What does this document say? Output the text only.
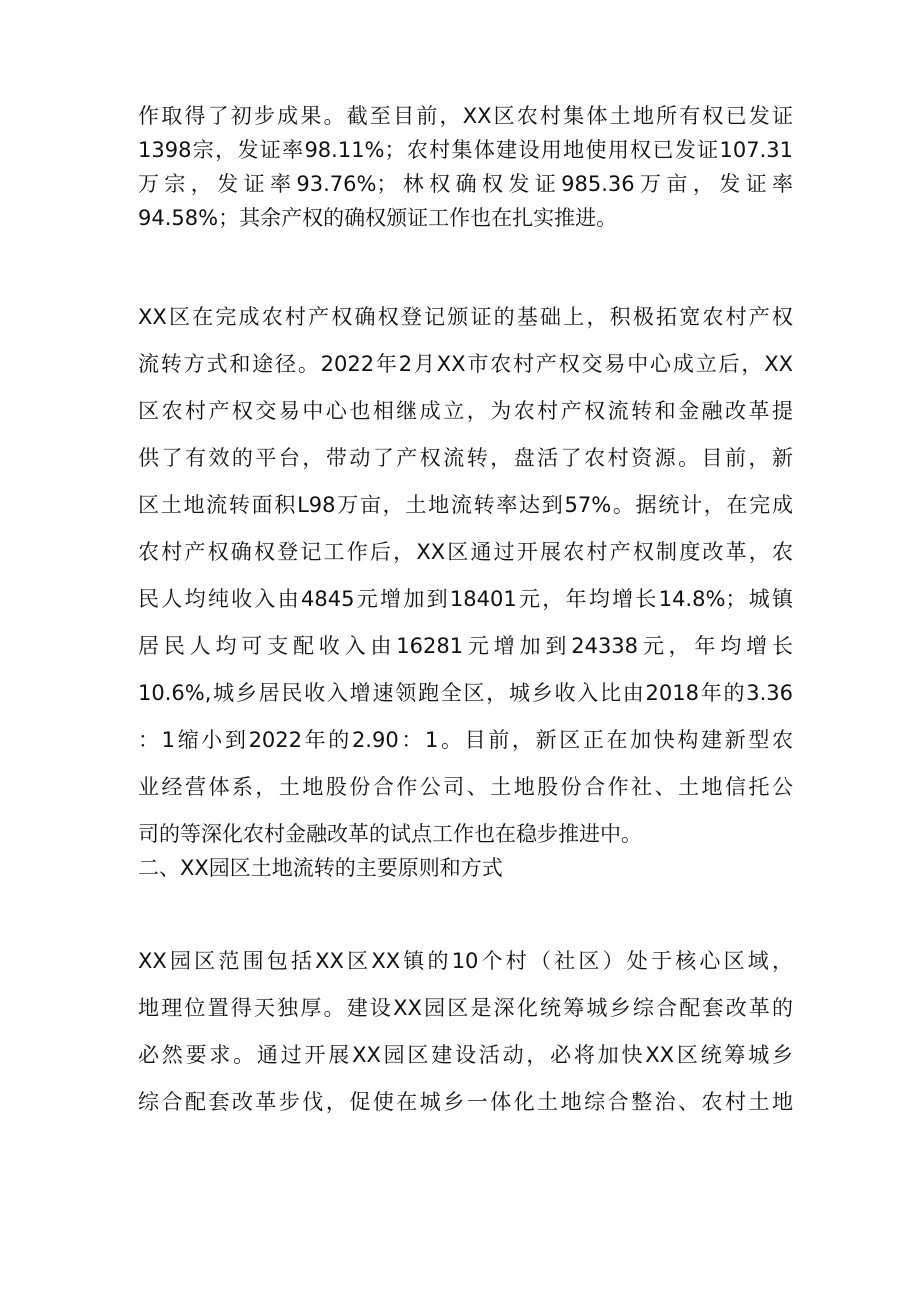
作取得了初步成果。截至目前，XX区农村集体土地所有权已发证
1398宗，发证率98.11%；农村集体建设用地使用权已发证107.31
万宗，发证率93.76%；林权确权发证985.36万亩，发证率
94.58%；其余产权的确权颁证工作也在扎实推进。
XX区在完成农村产权确权登记颁证的基础上，积极拓宽农村产权
流转方式和途径。2022年2月XX市农村产权交易中心成立后，XX
区农村产权交易中心也相继成立，为农村产权流转和金融改革提
供了有效的平台，带动了产权流转，盘活了农村资源。目前，新
区土地流转面积L98万亩，土地流转率达到57%。据统计，在完成
农村产权确权登记工作后，XX区通过开展农村产权制度改革，农
民人均纯收入由4845元增加到18401元，年均增长14.8%；城镇
居民人均可支配收入由16281元增加到24338元，年均增长
10.6%,城乡居民收入增速领跑全区，城乡收入比由2018年的3.36
：1缩小到2022年的2.90：1。目前，新区正在加快构建新型农
业经营体系，土地股份合作公司、土地股份合作社、土地信托公
司的等深化农村金融改革的试点工作也在稳步推进中。
二、XX园区土地流转的主要原则和方式
XX园区范围包括XX区XX镇的10个村（社区）处于核心区域，
地理位置得天独厚。建设XX园区是深化统筹城乡综合配套改革的
必然要求。通过开展XX园区建设活动，必将加快XX区统筹城乡
综合配套改革步伐，促使在城乡一体化土地综合整治、农村土地
